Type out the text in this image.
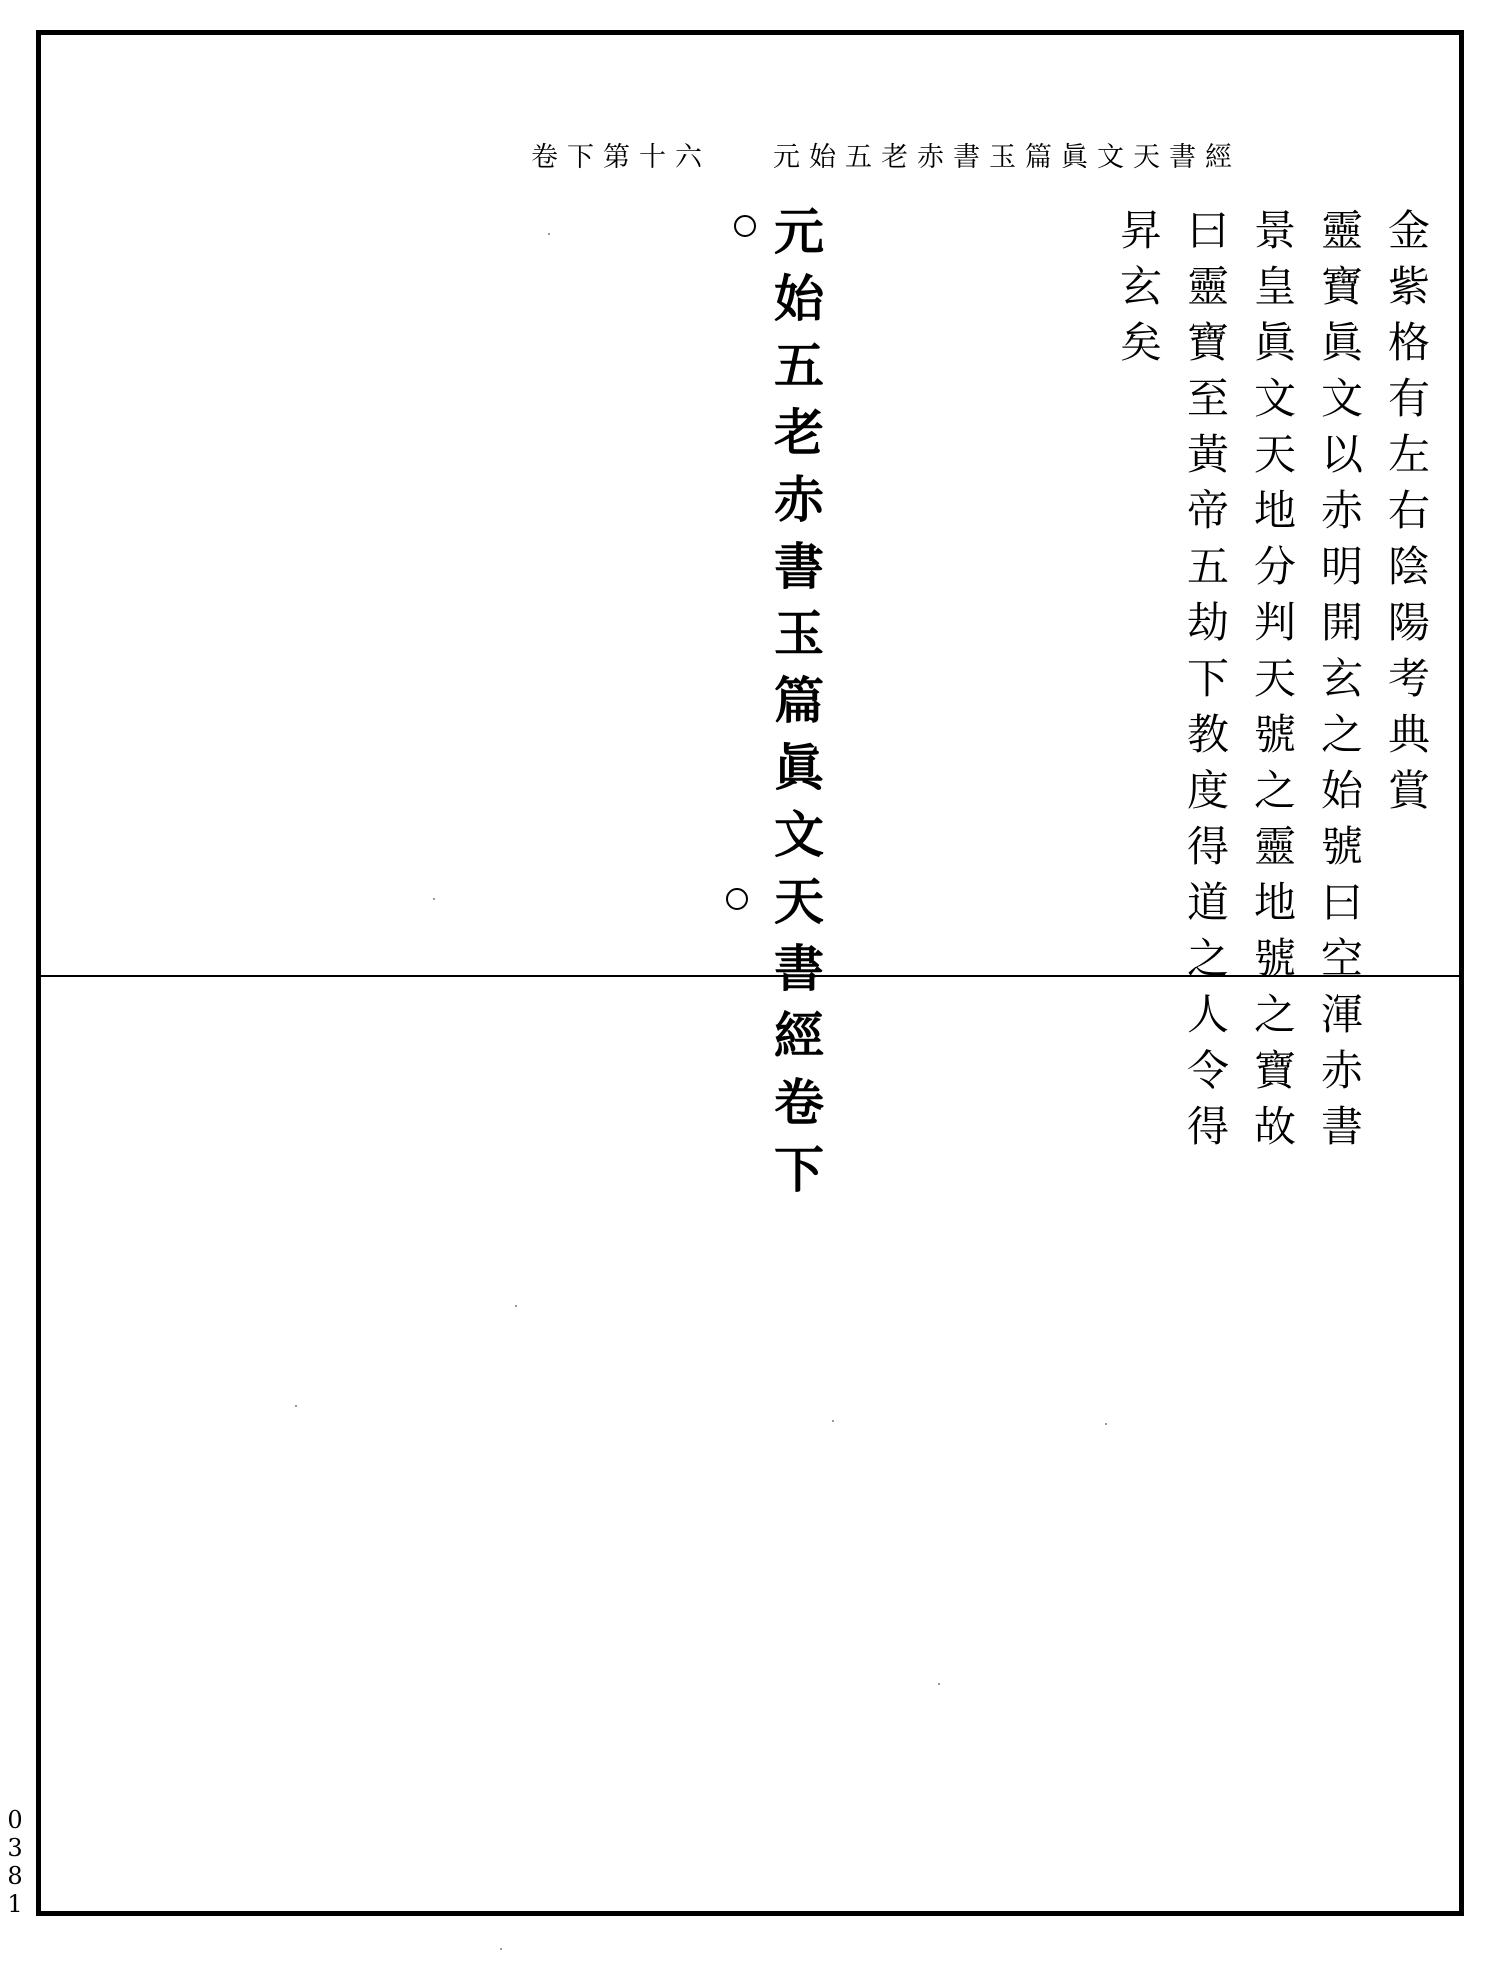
元始五老赤書玉篇眞文天書經
卷下第十六
金紫格有左右陰陽考典賞
靈寶眞文以赤明開玄之始號曰空渾赤書
景皇眞文天地分判天號之靈地號之寶故
曰靈寶至黃帝五劫下教度得道之人令得
昇玄矣
元始五老赤書玉篇眞文天書經卷下
0381
